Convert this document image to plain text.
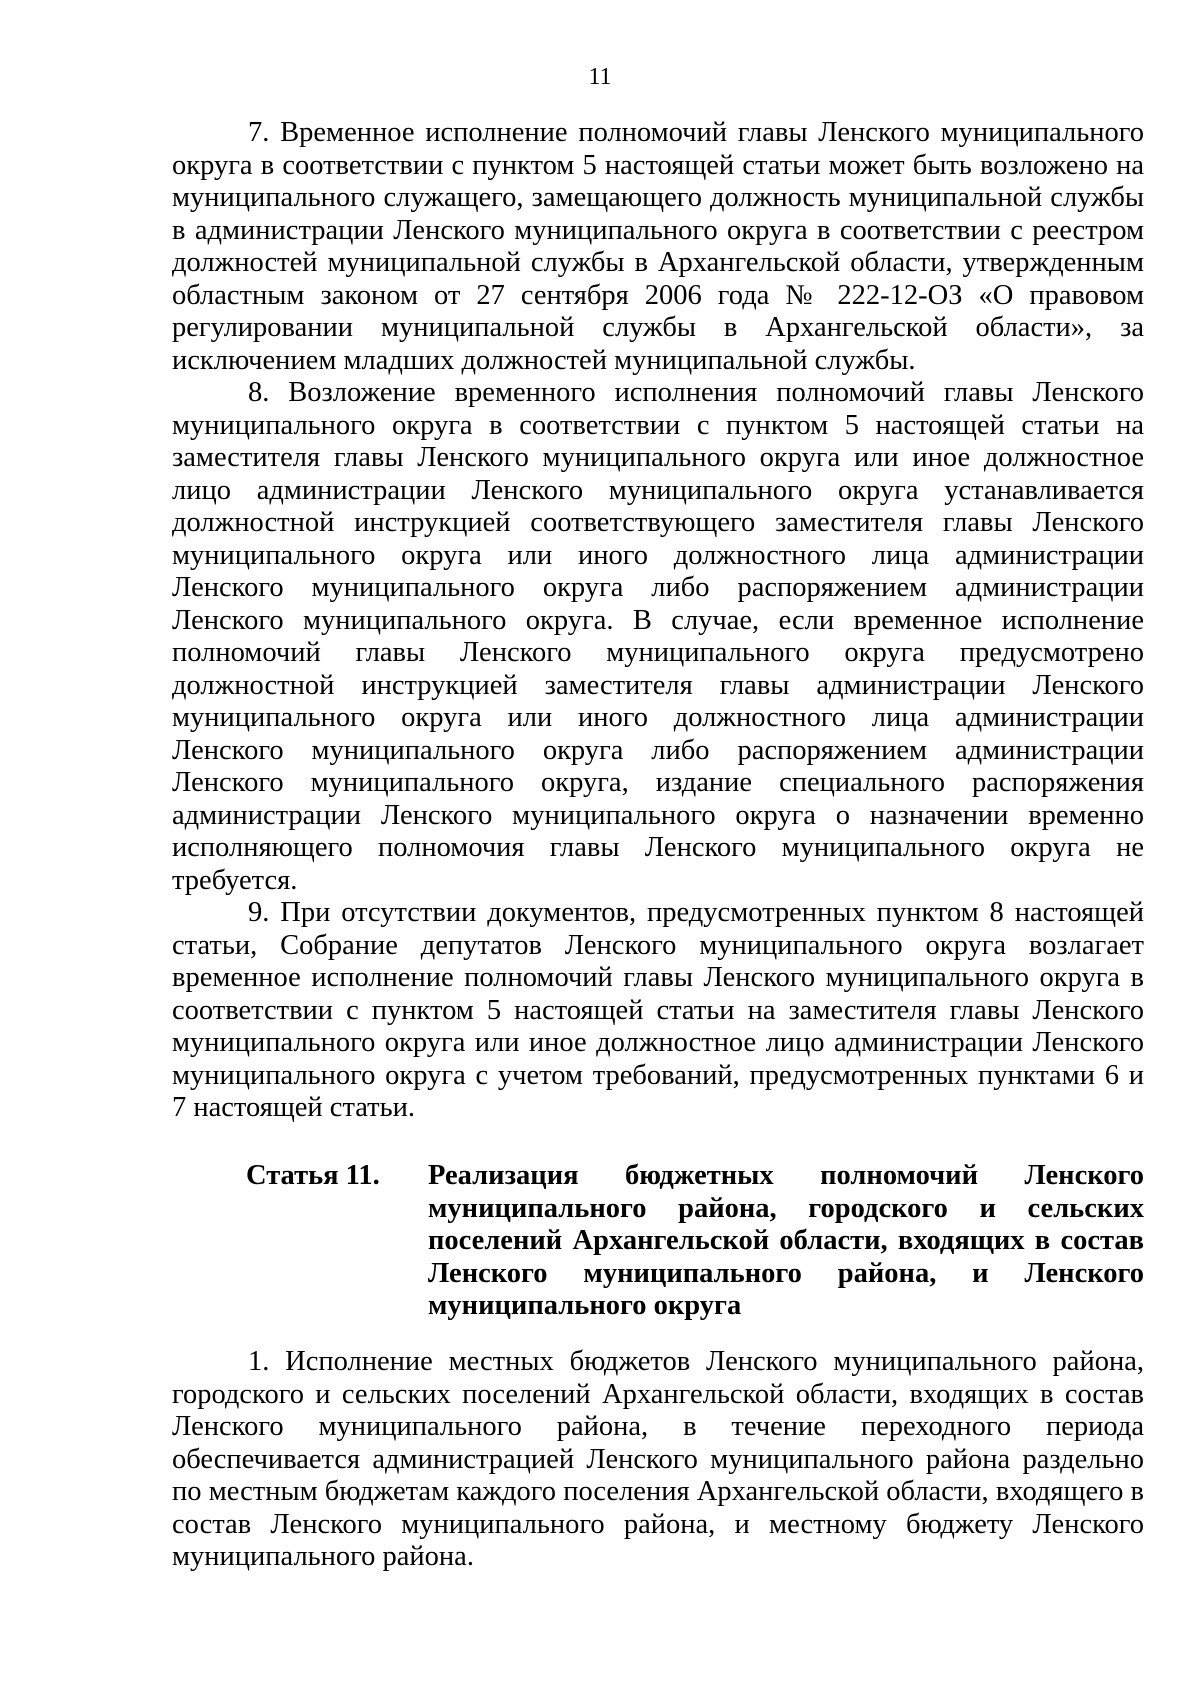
11

7. Временное исполнение полномочий главы Ленского муниципального округа в соответствии с пунктом 5 настоящей статьи может быть возложено на муниципального служащего, замещающего должность муниципальной службы в администрации Ленского муниципального округа в соответствии с реестром должностей муниципальной службы в Архангельской области, утвержденным областным законом от 27 сентября 2006 года № 222-12-ОЗ «О правовом регулировании муниципальной службы в Архангельской области», за исключением младших должностей муниципальной службы.

8. Возложение временного исполнения полномочий главы Ленского муниципального округа в соответствии с пунктом 5 настоящей статьи на заместителя главы Ленского муниципального округа или иное должностное лицо администрации Ленского муниципального округа устанавливается должностной инструкцией соответствующего заместителя главы Ленского муниципального округа или иного должностного лица администрации Ленского муниципального округа либо распоряжением администрации Ленского муниципального округа. В случае, если временное исполнение полномочий главы Ленского муниципального округа предусмотрено должностной инструкцией заместителя главы администрации Ленского муниципального округа или иного должностного лица администрации Ленского муниципального округа либо распоряжением администрации Ленского муниципального округа, издание специального распоряжения администрации Ленского муниципального округа о назначении временно исполняющего полномочия главы Ленского муниципального округа не требуется.

9. При отсутствии документов, предусмотренных пунктом 8 настоящей статьи, Собрание депутатов Ленского муниципального округа возлагает временное исполнение полномочий главы Ленского муниципального округа в соответствии с пунктом 5 настоящей статьи на заместителя главы Ленского муниципального округа или иное должностное лицо администрации Ленского муниципального округа с учетом требований, предусмотренных пунктами 6 и 7 настоящей статьи.

Статья 11. Реализация бюджетных полномочий Ленского муниципального района, городского и сельских поселений Архангельской области, входящих в состав Ленского муниципального района, и Ленского муниципального округа

1. Исполнение местных бюджетов Ленского муниципального района, городского и сельских поселений Архангельской области, входящих в состав Ленского муниципального района, в течение переходного периода обеспечивается администрацией Ленского муниципального района раздельно по местным бюджетам каждого поселения Архангельской области, входящего в состав Ленского муниципального района, и местному бюджету Ленского муниципального района.
